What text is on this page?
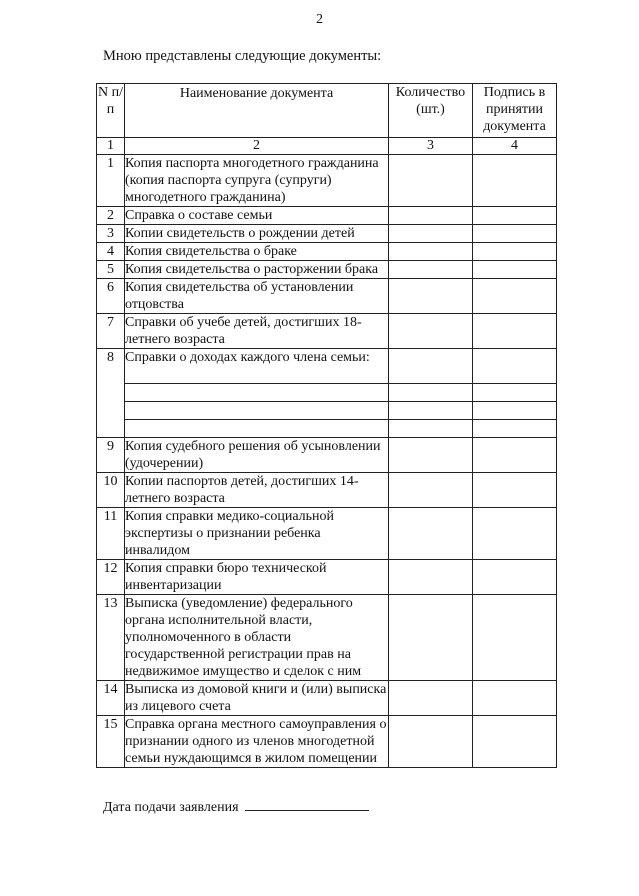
2
Мною представлены следующие документы:
N п/п	Наименование документа	Количество (шт.)	Подпись в принятии документа
1	2	3	4
1	Копия паспорта многодетного гражданина (копия паспорта супруга (супруги) многодетного гражданина)		
2	Справка о составе семьи		
3	Копии свидетельств о рождении детей		
4	Копия свидетельства о браке		
5	Копия свидетельства о расторжении брака		
6	Копия свидетельства об установлении отцовства		
7	Справки об учебе детей, достигших 18-летнего возраста		
8	Справки о доходах каждого члена семьи:		

9	Копия судебного решения об усыновлении (удочерении)		
10	Копии паспортов детей, достигших 14-летнего возраста		
11	Копия справки медико-социальной экспертизы о признании ребенка инвалидом		
12	Копия справки бюро технической инвентаризации		
13	Выписка (уведомление) федерального органа исполнительной власти, уполномоченного в области государственной регистрации прав на недвижимое имущество и сделок с ним		
14	Выписка из домовой книги и (или) выписка из лицевого счета		
15	Справка органа местного самоуправления о признании одного из членов многодетной семьи нуждающимся в жилом помещении		
Дата подачи заявления
